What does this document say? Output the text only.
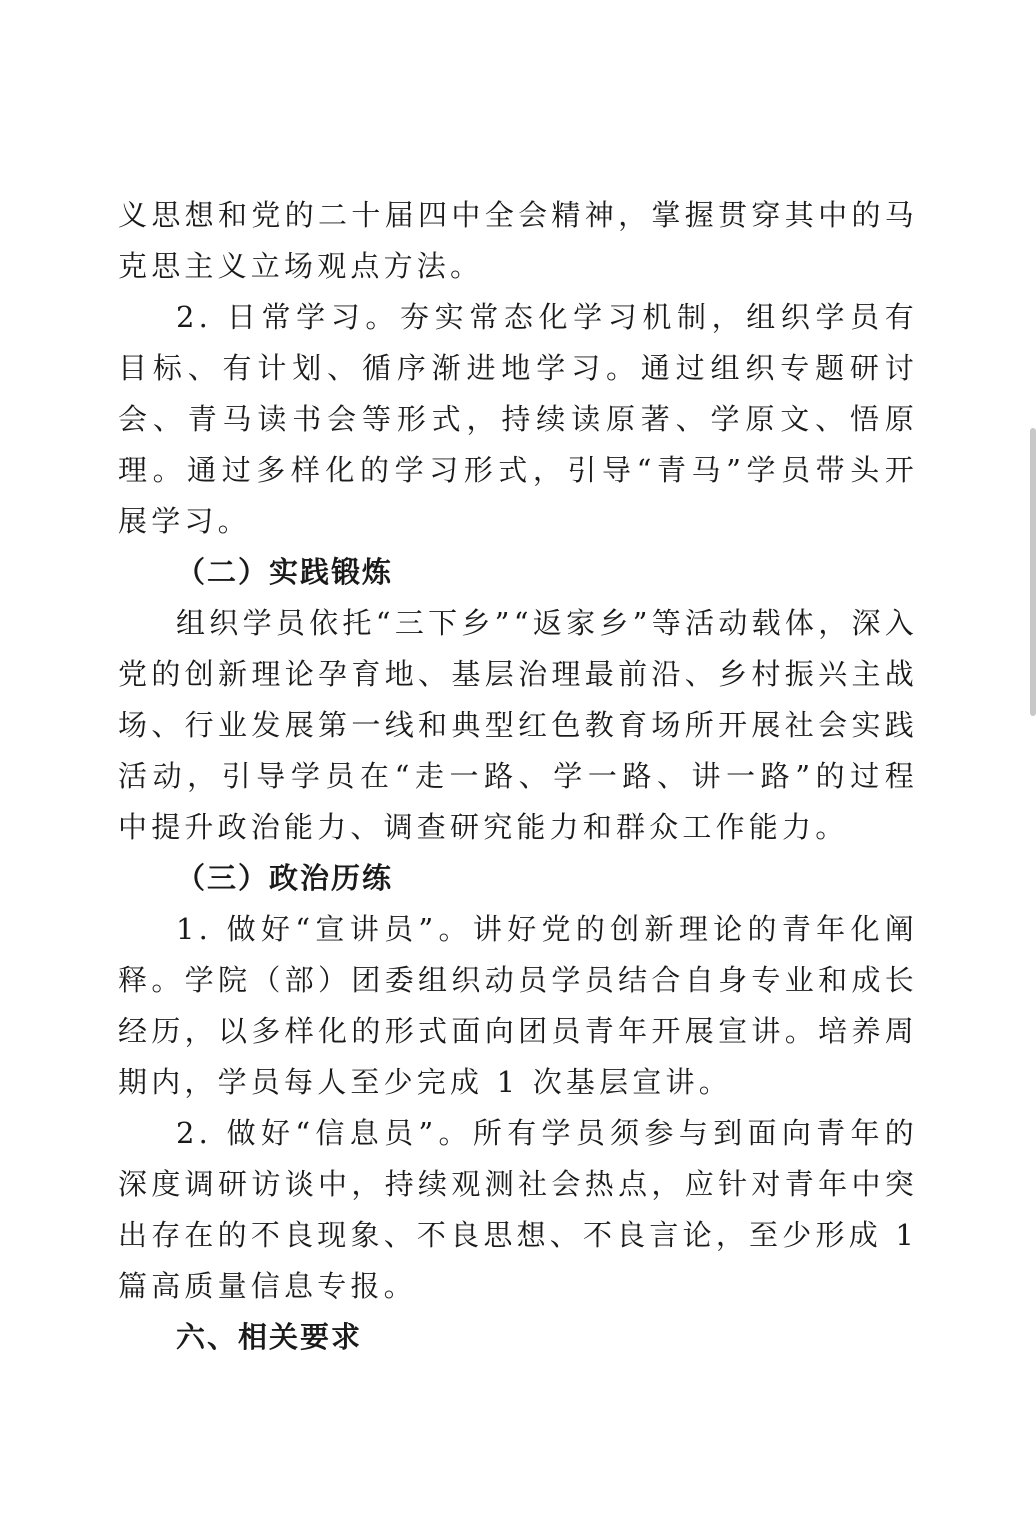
义思想和党的二十届四中全会精神，掌握贯穿其中的马克思主义立场观点方法。

2. 日常学习。夯实常态化学习机制，组织学员有目标、有计划、循序渐进地学习。通过组织专题研讨会、青马读书会等形式，持续读原著、学原文、悟原理。通过多样化的学习形式，引导“青马”学员带头开展学习。

（二）实践锻炼

组织学员依托“三下乡”“返家乡”等活动载体，深入党的创新理论孕育地、基层治理最前沿、乡村振兴主战场、行业发展第一线和典型红色教育场所开展社会实践活动，引导学员在“走一路、学一路、讲一路”的过程中提升政治能力、调查研究能力和群众工作能力。

（三）政治历练

1. 做好“宣讲员”。讲好党的创新理论的青年化阐释。学院（部）团委组织动员学员结合自身专业和成长经历，以多样化的形式面向团员青年开展宣讲。培养周期内，学员每人至少完成 1 次基层宣讲。

2. 做好“信息员”。所有学员须参与到面向青年的深度调研访谈中，持续观测社会热点，应针对青年中突出存在的不良现象、不良思想、不良言论，至少形成 1 篇高质量信息专报。

六、相关要求
